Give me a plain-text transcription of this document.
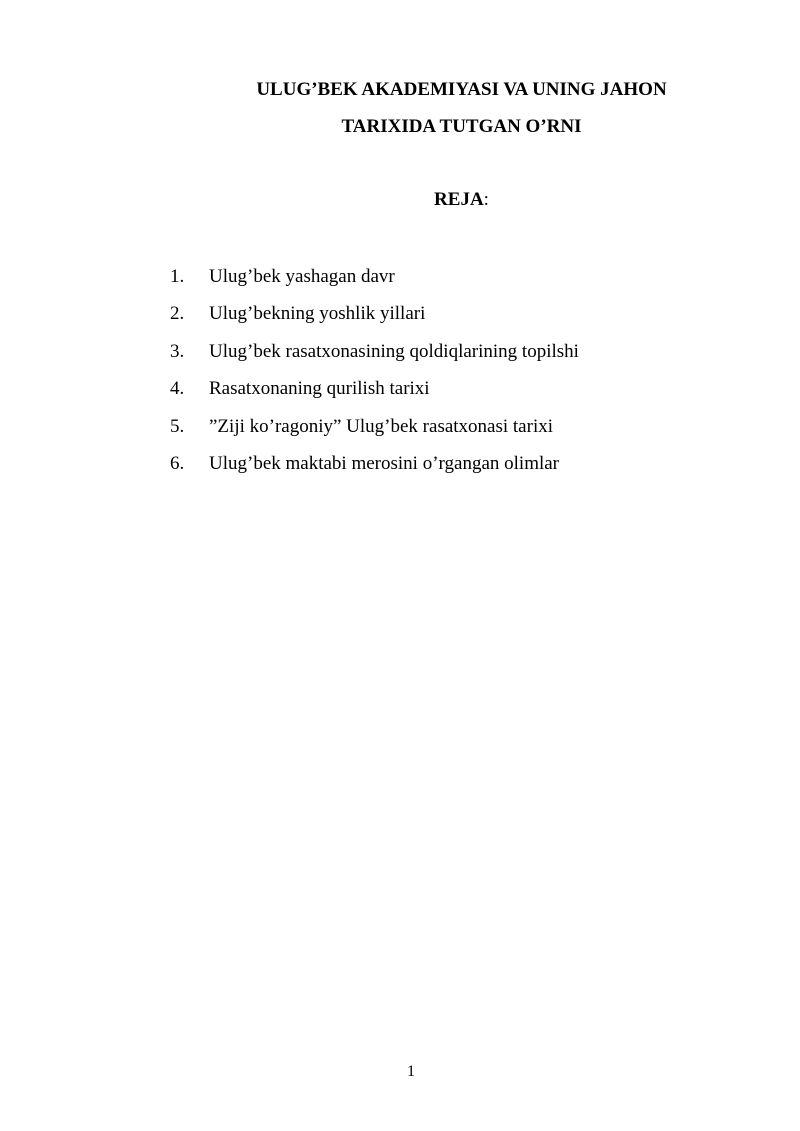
ULUG’BEK AKADEMIYASI VA UNING JAHON
TARIXIDA TUTGAN O’RNI

REJA:

1.	Ulug’bek yashagan davr
2.	Ulug’bekning yoshlik yillari
3.	Ulug’bek rasatxonasining qoldiqlarining topilshi
4.	Rasatxonaning qurilish tarixi
5.	”Ziji ko’ragoniy” Ulug’bek rasatxonasi tarixi
6.	Ulug’bek maktabi merosini o’rgangan olimlar
1
